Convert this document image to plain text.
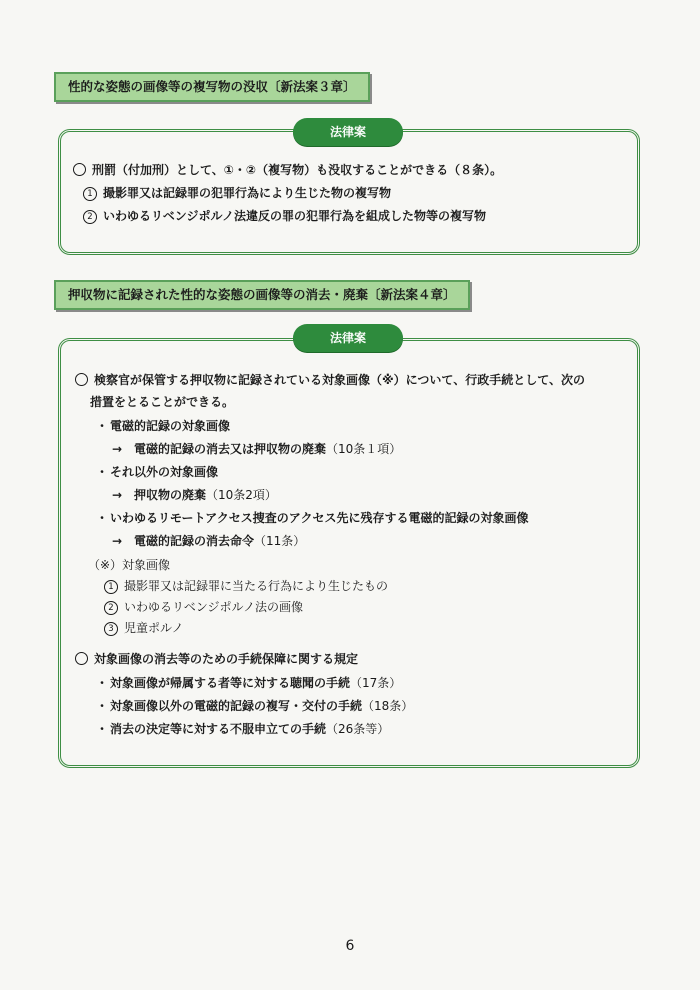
性的な姿態の画像等の複写物の没収〔新法案３章〕
法律案
刑罰（付加刑）として、①・②（複写物）も没収することができる（８条）。
1 撮影罪又は記録罪の犯罪行為により生じた物の複写物
2 いわゆるリベンジポルノ法違反の罪の犯罪行為を組成した物等の複写物
押収物に記録された性的な姿態の画像等の消去・廃棄〔新法案４章〕
法律案
検察官が保管する押収物に記録されている対象画像（※）について、行政手続として、次の
措置をとることができる。
・ 電磁的記録の対象画像
→ 電磁的記録の消去又は押収物の廃棄（10条１項）
・ それ以外の対象画像
→ 押収物の廃棄（10条2項）
・ いわゆるリモートアクセス捜査のアクセス先に残存する電磁的記録の対象画像
→ 電磁的記録の消去命令（11条）
（※）対象画像
1 撮影罪又は記録罪に当たる行為により生じたもの
2 いわゆるリベンジポルノ法の画像
3 児童ポルノ
対象画像の消去等のための手続保障に関する規定
・ 対象画像が帰属する者等に対する聴聞の手続（17条）
・ 対象画像以外の電磁的記録の複写・交付の手続（18条）
・ 消去の決定等に対する不服申立ての手続（26条等）
6
